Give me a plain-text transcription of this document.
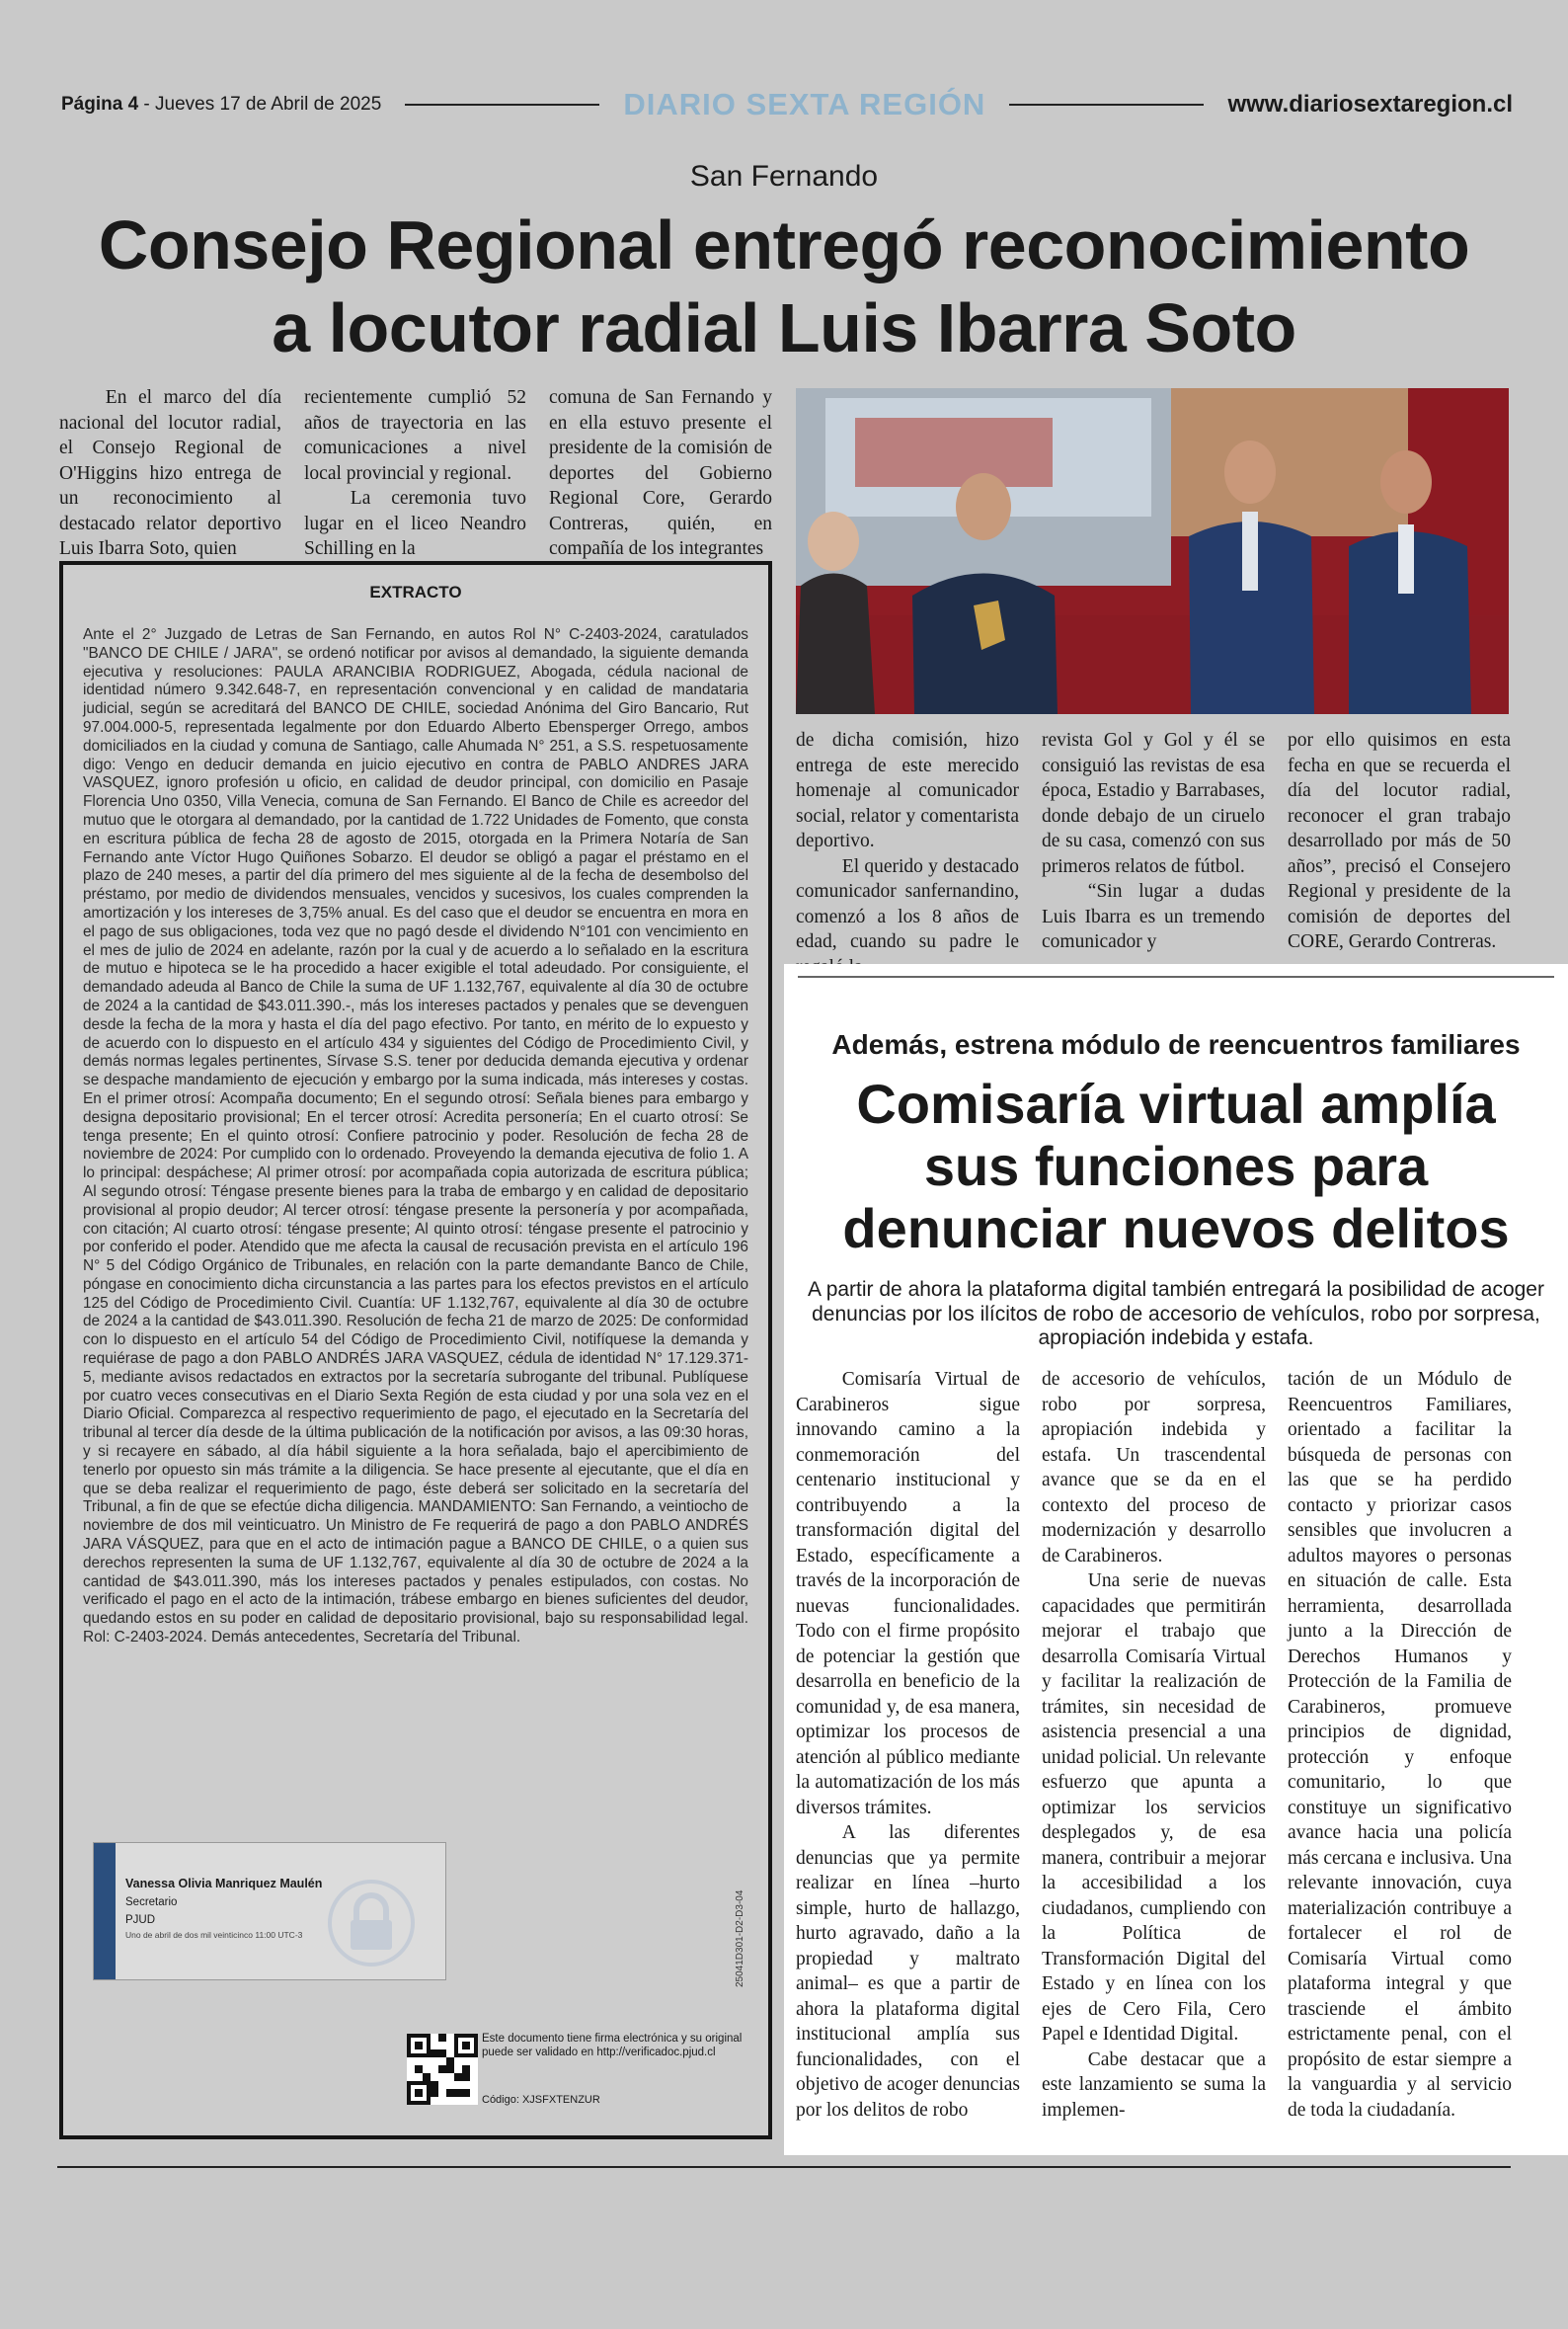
Página 4 - Jueves 17 de Abril de 2025	DIARIO SEXTA REGIÓN	www.diariosextaregion.cl
San Fernando
Consejo Regional entregó reconocimiento
a locutor radial Luis Ibarra Soto

En el marco del día nacional del locutor radial, el Consejo Regional de O'Higgins hizo entrega de un reconocimiento al destacado relator deportivo Luis Ibarra Soto, quien

recientemente cumplió 52 años de trayectoria en las comunicaciones a nivel local provincial y regional.

La ceremonia tuvo lugar en el liceo Neandro Schilling en la

comuna de San Fernando y en ella estuvo presente el presidente de la comisión de deportes del Gobierno Regional Core, Gerardo Contreras, quién, en compañía de los integrantes

de dicha comisión, hizo entrega de este merecido homenaje al comunicador social, relator y comentarista deportivo.

El querido y destacado comunicador sanfernandino, comenzó a los 8 años de edad, cuando su padre le

revista Gol y Gol y él se consiguió las revistas de esa época, Estadio y Barrabases, donde debajo de un ciruelo de su casa, comenzó con sus primeros relatos de fútbol.

“Sin lugar a dudas Luis Ibarra es un tremendo comunicador y

por ello quisimos en esta fecha en que se recuerda el día del locutor radial, reconocer el gran trabajo desarrollado por más de 50 años”, precisó el Consejero Regional y presidente de la comisión de deportes del CORE, Gerardo Contreras.

EXTRACTO
Ante el 2° Juzgado de Letras de San Fernando, en autos Rol N° C-2403-2024, caratulados "BANCO DE CHILE / JARA", se ordenó notificar por avisos al demandado, la siguiente demanda ejecutiva y resoluciones: PAULA ARANCIBIA RODRIGUEZ, Abogada, cédula nacional de identidad número 9.342.648-7, en representación convencional y en calidad de mandataria judicial, según se acreditará del BANCO DE CHILE, sociedad Anónima del Giro Bancario, Rut 97.004.000-5, representada legalmente por don Eduardo Alberto Ebensperger Orrego, ambos domiciliados en la ciudad y comuna de Santiago, calle Ahumada N° 251, a S.S. respetuosamente digo: Vengo en deducir demanda en juicio ejecutivo en contra de PABLO ANDRES JARA VASQUEZ, ignoro profesión u oficio, en calidad de deudor principal, con domicilio en Pasaje Florencia Uno 0350, Villa Venecia, comuna de San Fernando. El Banco de Chile es acreedor del mutuo que le otorgara al demandado, por la cantidad de 1.722 Unidades de Fomento, que consta en escritura pública de fecha 28 de agosto de 2015, otorgada en la Primera Notaría de San Fernando ante Víctor Hugo Quiñones Sobarzo. El deudor se obligó a pagar el préstamo en el plazo de 240 meses, a partir del día primero del mes siguiente al de la fecha de desembolso del préstamo, por medio de dividendos mensuales, vencidos y sucesivos, los cuales comprenden la amortización y los intereses de 3,75% anual. Es del caso que el deudor se encuentra en mora en el pago de sus obligaciones, toda vez que no pagó desde el dividendo N°101 con vencimiento en el mes de julio de 2024 en adelante, razón por la cual y de acuerdo a lo señalado en la escritura de mutuo e hipoteca se le ha procedido a hacer exigible el total adeudado. Por consiguiente, el demandado adeuda al Banco de Chile la suma de UF 1.132,767, equivalente al día 30 de octubre de 2024 a la cantidad de $43.011.390.-, más los intereses pactados y penales que se devenguen desde la fecha de la mora y hasta el día del pago efectivo. Por tanto, en mérito de lo expuesto y de acuerdo con lo dispuesto en el artículo 434 y siguientes del Código de Procedimiento Civil, y demás normas legales pertinentes, Sírvase S.S. tener por deducida demanda ejecutiva y ordenar se despache mandamiento de ejecución y embargo por la suma indicada, más intereses y costas. En el primer otrosí: Acompaña documento; En el segundo otrosí: Señala bienes para embargo y designa depositario provisional; En el tercer otrosí: Acredita personería; En el cuarto otrosí: Se tenga presente; En el quinto otrosí: Confiere patrocinio y poder. Resolución de fecha 28 de noviembre de 2024: Por cumplido con lo ordenado. Proveyendo la demanda ejecutiva de folio 1. A lo principal: despáchese; Al primer otrosí: por acompañada copia autorizada de escritura pública; Al segundo otrosí: Téngase presente bienes para la traba de embargo y en calidad de depositario provisional al propio deudor; Al tercer otrosí: téngase presente la personería y por acompañada, con citación; Al cuarto otrosí: téngase presente; Al quinto otrosí: téngase presente el patrocinio y por conferido el poder. Atendido que me afecta la causal de recusación prevista en el artículo 196 N° 5 del Código Orgánico de Tribunales, en relación con la parte demandante Banco de Chile, póngase en conocimiento dicha circunstancia a las partes para los efectos previstos en el artículo 125 del Código de Procedimiento Civil. Cuantía: UF 1.132,767, equivalente al día 30 de octubre de 2024 a la cantidad de $43.011.390. Resolución de fecha 21 de marzo de 2025: De conformidad con lo dispuesto en el artículo 54 del Código de Procedimiento Civil, notifíquese la demanda y requiérase de pago a don PABLO ANDRÉS JARA VASQUEZ, cédula de identidad N° 17.129.371-5, mediante avisos redactados en extractos por la secretaría subrogante del tribunal. Publíquese por cuatro veces consecutivas en el Diario Sexta Región de esta ciudad y por una sola vez en el Diario Oficial. Comparezca al respectivo requerimiento de pago, el ejecutado en la Secretaría del tribunal al tercer día desde de la última publicación de la notificación por avisos, a las 09:30 horas, y si recayere en sábado, al día hábil siguiente a la hora señalada, bajo el apercibimiento de tenerlo por opuesto sin más trámite a la diligencia. Se hace presente al ejecutante, que el día en que se deba realizar el requerimiento de pago, éste deberá ser solicitado en la secretaría del Tribunal, a fin de que se efectúe dicha diligencia. MANDAMIENTO: San Fernando, a veintiocho de noviembre de dos mil veinticuatro. Un Ministro de Fe requerirá de pago a don PABLO ANDRÉS JARA VÁSQUEZ, para que en el acto de intimación pague a BANCO DE CHILE, o a quien sus derechos representen la suma de UF 1.132,767, equivalente al día 30 de octubre de 2024 a la cantidad de $43.011.390, más los intereses pactados y penales estipulados, con costas. No verificado el pago en el acto de la intimación, trábese embargo en bienes suficientes del deudor, quedando estos en su poder en calidad de depositario provisional, bajo su responsabilidad legal. Rol: C-2403-2024. Demás antecedentes, Secretaría del Tribunal.
Vanessa Olivia Manriquez Maulén
Secretario
PJUD
Uno de abril de dos mil veinticinco 11:00 UTC-3	25041D301-D2-D3-04
Este documento tiene firma electrónica y su original puede ser validado en http://verificadoc.pjud.cl
Código: XJSFXTENZUR
Además, estrena módulo de reencuentros familiares
Comisaría virtual amplía
sus funciones para
denunciar nuevos delitos
A partir de ahora la plataforma digital también entregará la posibilidad de acoger denuncias por los ilícitos de robo de accesorio de vehículos, robo por sorpresa, apropiación indebida y estafa.

Comisaría Virtual de Carabineros sigue innovando camino a la conmemoración del centenario institucional y contribuyendo a la transformación digital del Estado, específicamente a través de la incorporación de nuevas funcionalidades. Todo con el firme propósito de potenciar la gestión que desarrolla en beneficio de la comunidad y, de esa manera, optimizar los procesos de atención al público mediante la automatización de los más diversos trámites.

A las diferentes denuncias que ya permite realizar en línea –hurto simple, hurto de hallazgo, hurto agravado, daño a la propiedad y maltrato animal– es que a partir de ahora la plataforma digital institucional amplía sus funcionalidades, con el objetivo de acoger denuncias por los delitos de robo

de accesorio de vehículos, robo por sorpresa, apropiación indebida y estafa. Un trascendental avance que se da en el contexto del proceso de modernización y desarrollo de Carabineros.

Una serie de nuevas capacidades que permitirán mejorar el trabajo que desarrolla Comisaría Virtual y facilitar la realización de trámites, sin necesidad de asistencia presencial a una unidad policial. Un relevante esfuerzo que apunta a optimizar los servicios desplegados y, de esa manera, contribuir a mejorar la accesibilidad a los ciudadanos, cumpliendo con la Política de Transformación Digital del Estado y en línea con los ejes de Cero Fila, Cero Papel e Identidad Digital.

Cabe destacar que a este lanzamiento se suma la implemen-

tación de un Módulo de Reencuentros Familiares, orientado a facilitar la búsqueda de personas con las que se ha perdido contacto y priorizar casos sensibles que involucren a adultos mayores o personas en situación de calle. Esta herramienta, desarrollada junto a la Dirección de Derechos Humanos y Protección de la Familia de Carabineros, promueve principios de dignidad, protección y enfoque comunitario, lo que constituye un significativo avance hacia una policía más cercana e inclusiva. Una relevante innovación, cuya materialización contribuye a fortalecer el rol de Comisaría Virtual como plataforma integral y que trasciende el ámbito estrictamente penal, con el propósito de estar siempre a la vanguardia y al servicio de toda la ciudadanía.
